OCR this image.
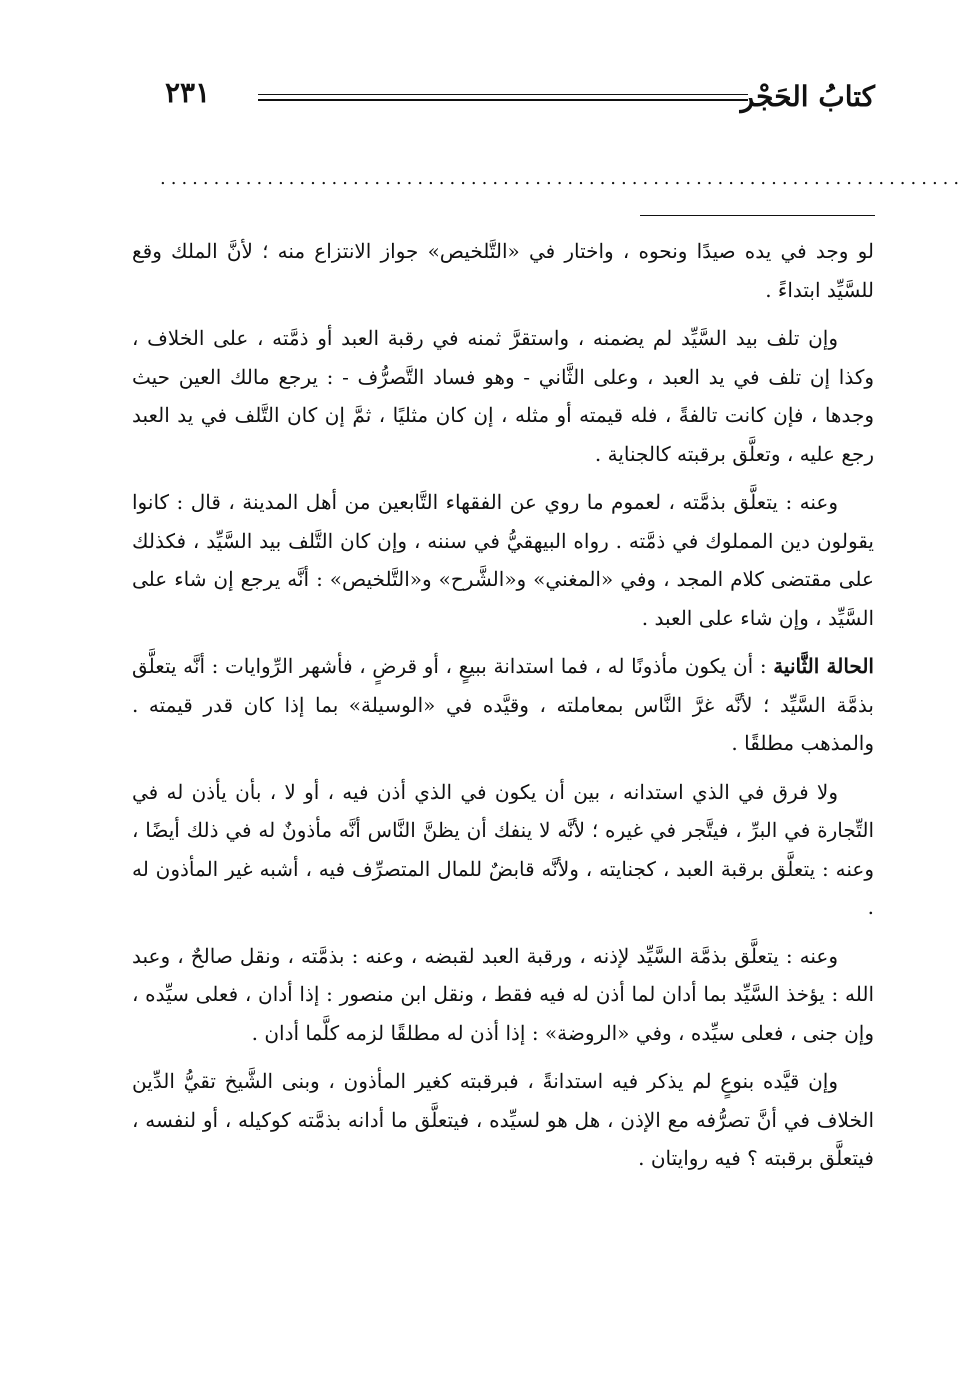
كتابُ الحَجْر
٢٣١
...........................................................................

لو وجد في يده صيدًا ونحوه ، واختار في «التَّلخيص» جواز الانتزاع منه ؛ لأنَّ الملك وقع للسَّيِّد ابتداءً .

وإن تلف بيد السَّيِّد لم يضمنه ، واستقرَّ ثمنه في رقبة العبد أو ذمَّته ، على الخلاف ، وكذا إن تلف في يد العبد ، وعلى الثَّاني - وهو فساد التَّصرُّف - : يرجع مالك العين حيث وجدها ، فإن كانت تالفةً ، فله قيمته أو مثله ، إن كان مثليًا ، ثمَّ إن كان التَّلف في يد العبد رجع عليه ، وتعلَّق برقبته كالجناية .

وعنه : يتعلَّق بذمَّته ، لعموم ما روي عن الفقهاء التَّابعين من أهل المدينة ، قال : كانوا يقولون دين المملوك في ذمَّته . رواه البيهقيُّ في سننه ، وإن كان التَّلف بيد السَّيِّد ، فكذلك على مقتضى كلام المجد ، وفي «المغني» و«الشَّرح» و«التَّلخيص» : أنَّه يرجع إن شاء على السَّيِّد ، وإن شاء على العبد .

الحالة الثَّانية : أن يكون مأذونًا له ، فما استدانة ببيعٍ ، أو قرضٍ ، فأشهر الرِّوايات : أنَّه يتعلَّق بذمَّة السَّيِّد ؛ لأنَّه غرَّ النَّاس بمعاملته ، وقيَّده في «الوسيلة» بما إذا كان قدر قيمته . والمذهب مطلقًا .

ولا فرق في الذي استدانه ، بين أن يكون في الذي أذن فيه ، أو لا ، بأن يأذن له في التِّجارة في البرِّ ، فيتَّجر في غيره ؛ لأنَّه لا ينفك أن يظنَّ النَّاس أنَّه مأذونٌ له في ذلك أيضًا ، وعنه : يتعلَّق برقبة العبد ، كجنايته ، ولأنَّه قابضٌ للمال المتصرِّف فيه ، أشبه غير المأذون له .

وعنه : يتعلَّق بذمَّة السَّيِّد لإذنه ، ورقبة العبد لقبضه ، وعنه : بذمَّته ، ونقل صالحٌ ، وعبد الله : يؤخذ السَّيِّد بما أدان لما أذن له فيه فقط ، ونقل ابن منصور : إذا أدان ، فعلى سيِّده ، وإن جنى ، فعلى سيِّده ، وفي «الروضة» : إذا أذن له مطلقًا لزمه كلَّما أدان .

وإن قيَّده بنوعٍ لم يذكر فيه استدانةً ، فبرقبته كغير المأذون ، وبنى الشَّيخ تقيُّ الدِّين الخلاف في أنَّ تصرُّفه مع الإذن ، هل هو لسيِّده ، فيتعلَّق ما أدانه بذمَّته كوكيله ، أو لنفسه ، فيتعلَّق برقبته ؟ فيه روايتان .
